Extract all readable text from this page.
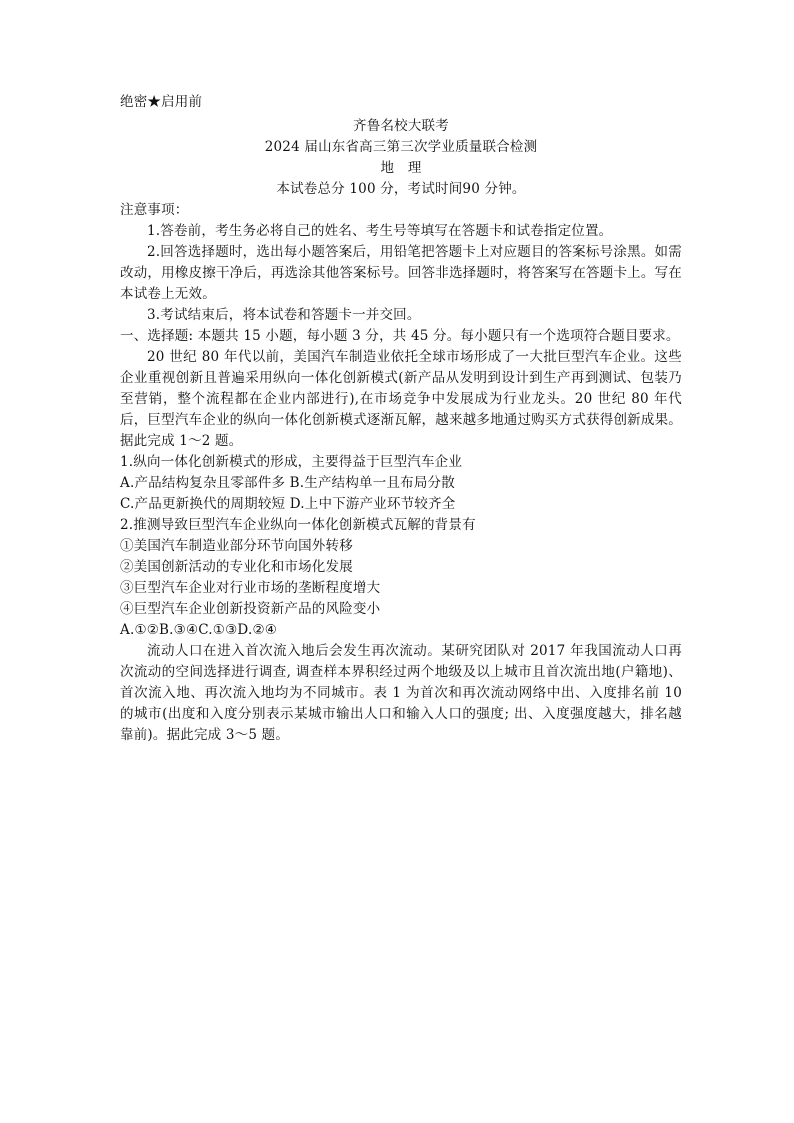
绝密★启用前
齐鲁名校大联考
2024 届山东省高三第三次学业质量联合检测
地　理
本试卷总分 100 分，考试时间90 分钟。
注意事项：
1.答卷前，考生务必将自己的姓名、考生号等填写在答题卡和试卷指定位置。
2.回答选择题时，选出每小题答案后，用铅笔把答题卡上对应题目的答案标号涂黑。如需改动，用橡皮擦干净后，再选涂其他答案标号。回答非选择题时，将答案写在答题卡上。写在本试卷上无效。
3.考试结束后，将本试卷和答题卡一并交回。
一、选择题: 本题共 15 小题，每小题 3 分，共 45 分。每小题只有一个选项符合题目要求。
20 世纪 80 年代以前，美国汽车制造业依托全球市场形成了一大批巨型汽车企业。这些企业重视创新且普遍采用纵向一体化创新模式(新产品从发明到设计到生产再到测试、包装乃至营销，整个流程都在企业内部进行),在市场竞争中发展成为行业龙头。20 世纪 80 年代后，巨型汽车企业的纵向一体化创新模式逐渐瓦解，越来越多地通过购买方式获得创新成果。据此完成 1～2 题。
1.纵向一体化创新模式的形成，主要得益于巨型汽车企业
A.产品结构复杂且零部件多 B.生产结构单一且布局分散
C.产品更新换代的周期较短 D.上中下游产业环节较齐全
2.推测导致巨型汽车企业纵向一体化创新模式瓦解的背景有
①美国汽车制造业部分环节向国外转移
②美国创新活动的专业化和市场化发展
③巨型汽车企业对行业市场的垄断程度增大
④巨型汽车企业创新投资新产品的风险变小
A.①②B.③④C.①③D.②④
流动人口在进入首次流入地后会发生再次流动。某研究团队对 2017 年我国流动人口再次流动的空间选择进行调查, 调查样本界积经过两个地级及以上城市且首次流出地(户籍地)、首次流入地、再次流入地均为不同城市。表 1 为首次和再次流动网络中出、入度排名前 10 的城市(出度和入度分别表示某城市输出人口和输入人口的强度; 出、入度强度越大，排名越靠前)。据此完成 3～5 题。
